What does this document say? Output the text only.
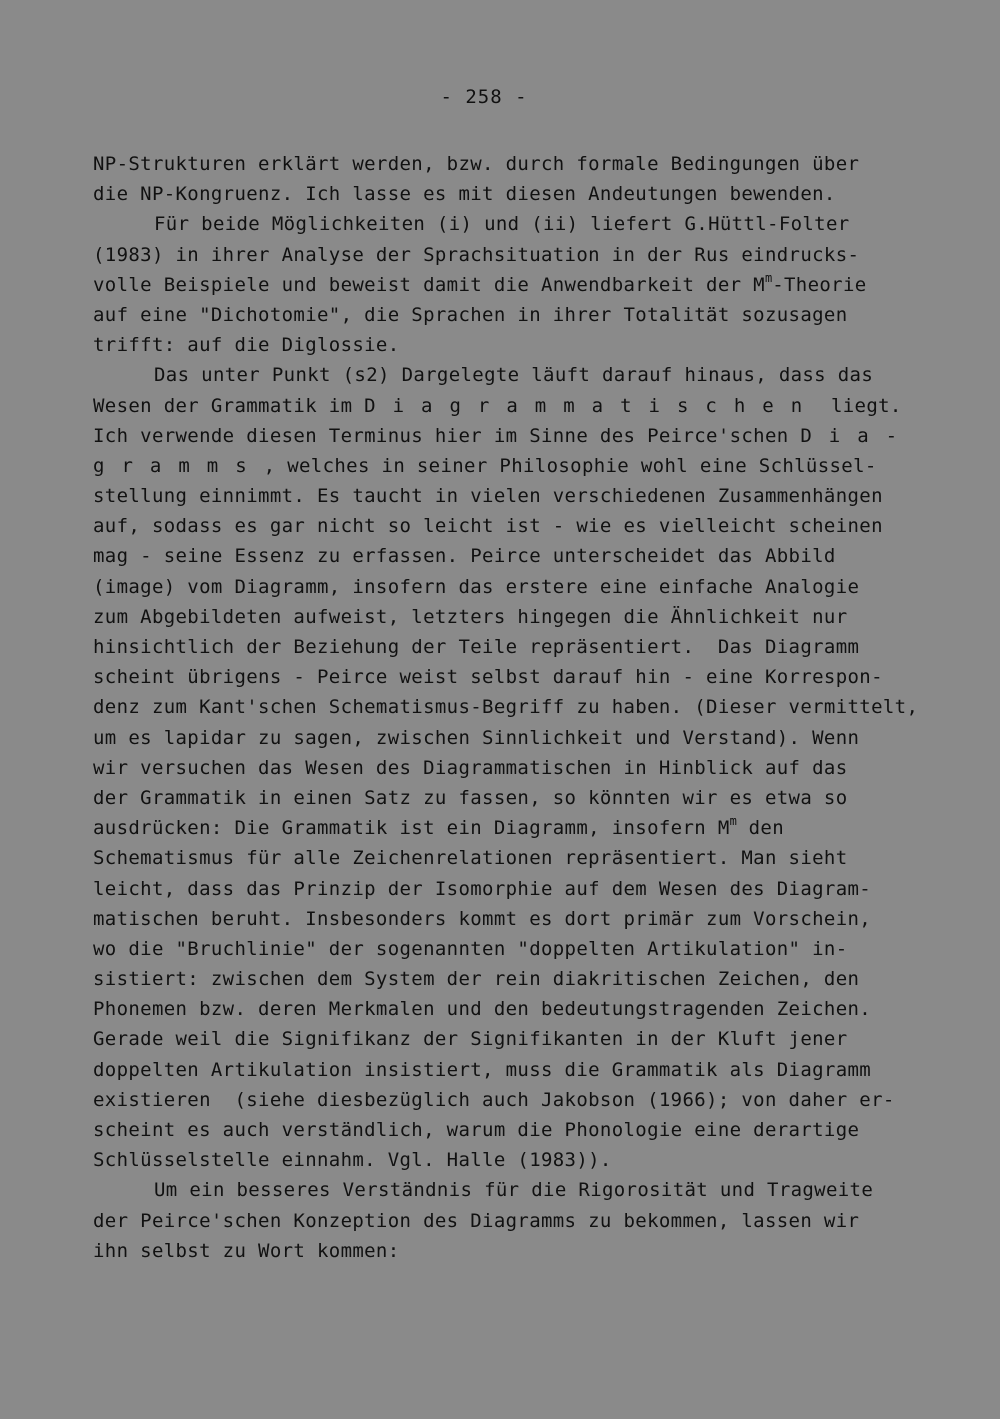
- 258 -
NP-Strukturen erklärt werden, bzw. durch formale Bedingungen über
die NP-Kongruenz. Ich lasse es mit diesen Andeutungen bewenden.
Für beide Möglichkeiten (i) und (ii) liefert G.Hüttl-Folter
(1983) in ihrer Analyse der Sprachsituation in der Rus eindrucks-
volle Beispiele und beweist damit die Anwendbarkeit der $M^m$-Theorie
auf eine "Dichotomie", die Sprachen in ihrer Totalität sozusagen
trifft: auf die Diglossie.
Das unter Punkt (s2) Dargelegte läuft darauf hinaus, dass das
Wesen der Grammatik im Diagrammatischen liegt.
Ich verwende diesen Terminus hier im Sinne des Peirce'schen Dia-
gramms, welches in seiner Philosophie wohl eine Schlüssel-
stellung einnimmt. Es taucht in vielen verschiedenen Zusammenhängen
auf, sodass es gar nicht so leicht ist - wie es vielleicht scheinen
mag - seine Essenz zu erfassen. Peirce unterscheidet das Abbild
(image) vom Diagramm, insofern das erstere eine einfache Analogie
zum Abgebildeten aufweist, letzters hingegen die Ähnlichkeit nur
hinsichtlich der Beziehung der Teile repräsentiert.  Das Diagramm
scheint übrigens - Peirce weist selbst darauf hin - eine Korrespon-
denz zum Kant'schen Schematismus-Begriff zu haben. (Dieser vermittelt,
um es lapidar zu sagen, zwischen Sinnlichkeit und Verstand). Wenn
wir versuchen das Wesen des Diagrammatischen in Hinblick auf das
der Grammatik in einen Satz zu fassen, so könnten wir es etwa so
ausdrücken: Die Grammatik ist ein Diagramm, insofern $M^m$ den
Schematismus für alle Zeichenrelationen repräsentiert. Man sieht
leicht, dass das Prinzip der Isomorphie auf dem Wesen des Diagram-
matischen beruht. Insbesonders kommt es dort primär zum Vorschein,
wo die "Bruchlinie" der sogenannten "doppelten Artikulation" in-
sistiert: zwischen dem System der rein diakritischen Zeichen, den
Phonemen bzw. deren Merkmalen und den bedeutungstragenden Zeichen.
Gerade weil die Signifikanz der Signifikanten in der Kluft jener
doppelten Artikulation insistiert, muss die Grammatik als Diagramm
existieren  (siehe diesbezüglich auch Jakobson (1966); von daher er-
scheint es auch verständlich, warum die Phonologie eine derartige
Schlüsselstelle einnahm. Vgl. Halle (1983)).
Um ein besseres Verständnis für die Rigorosität und Tragweite
der Peirce'schen Konzeption des Diagramms zu bekommen, lassen wir
ihn selbst zu Wort kommen:
